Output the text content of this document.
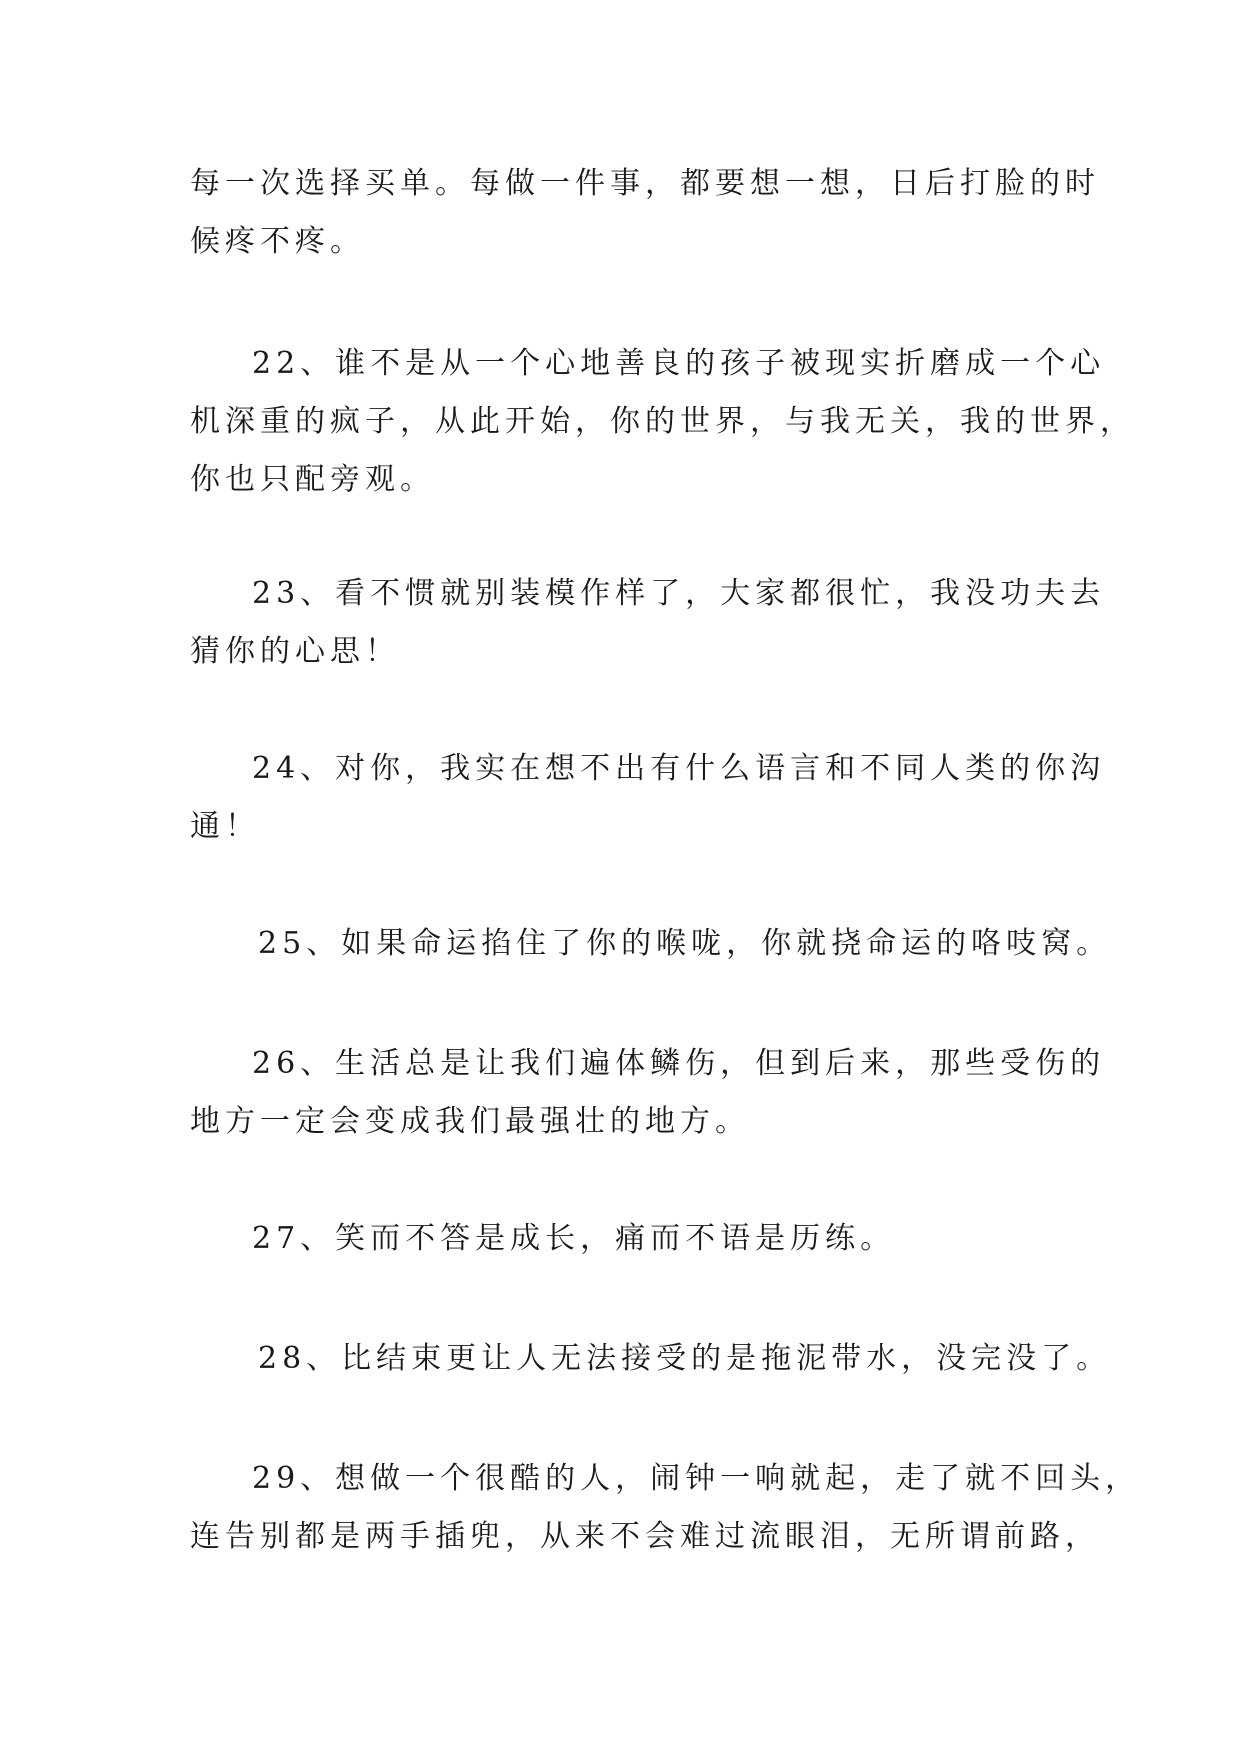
每一次选择买单。每做一件事，都要想一想，日后打脸的时
候疼不疼。

22、谁不是从一个心地善良的孩子被现实折磨成一个心
机深重的疯子，从此开始，你的世界，与我无关，我的世界，
你也只配旁观。

23、看不惯就别装模作样了，大家都很忙，我没功夫去
猜你的心思！

24、对你，我实在想不出有什么语言和不同人类的你沟
通！

25、如果命运掐住了你的喉咙，你就挠命运的咯吱窝。

26、生活总是让我们遍体鳞伤，但到后来，那些受伤的
地方一定会变成我们最强壮的地方。

27、笑而不答是成长，痛而不语是历练。

28、比结束更让人无法接受的是拖泥带水，没完没了。

29、想做一个很酷的人，闹钟一响就起，走了就不回头，
连告别都是两手插兜，从来不会难过流眼泪，无所谓前路，
